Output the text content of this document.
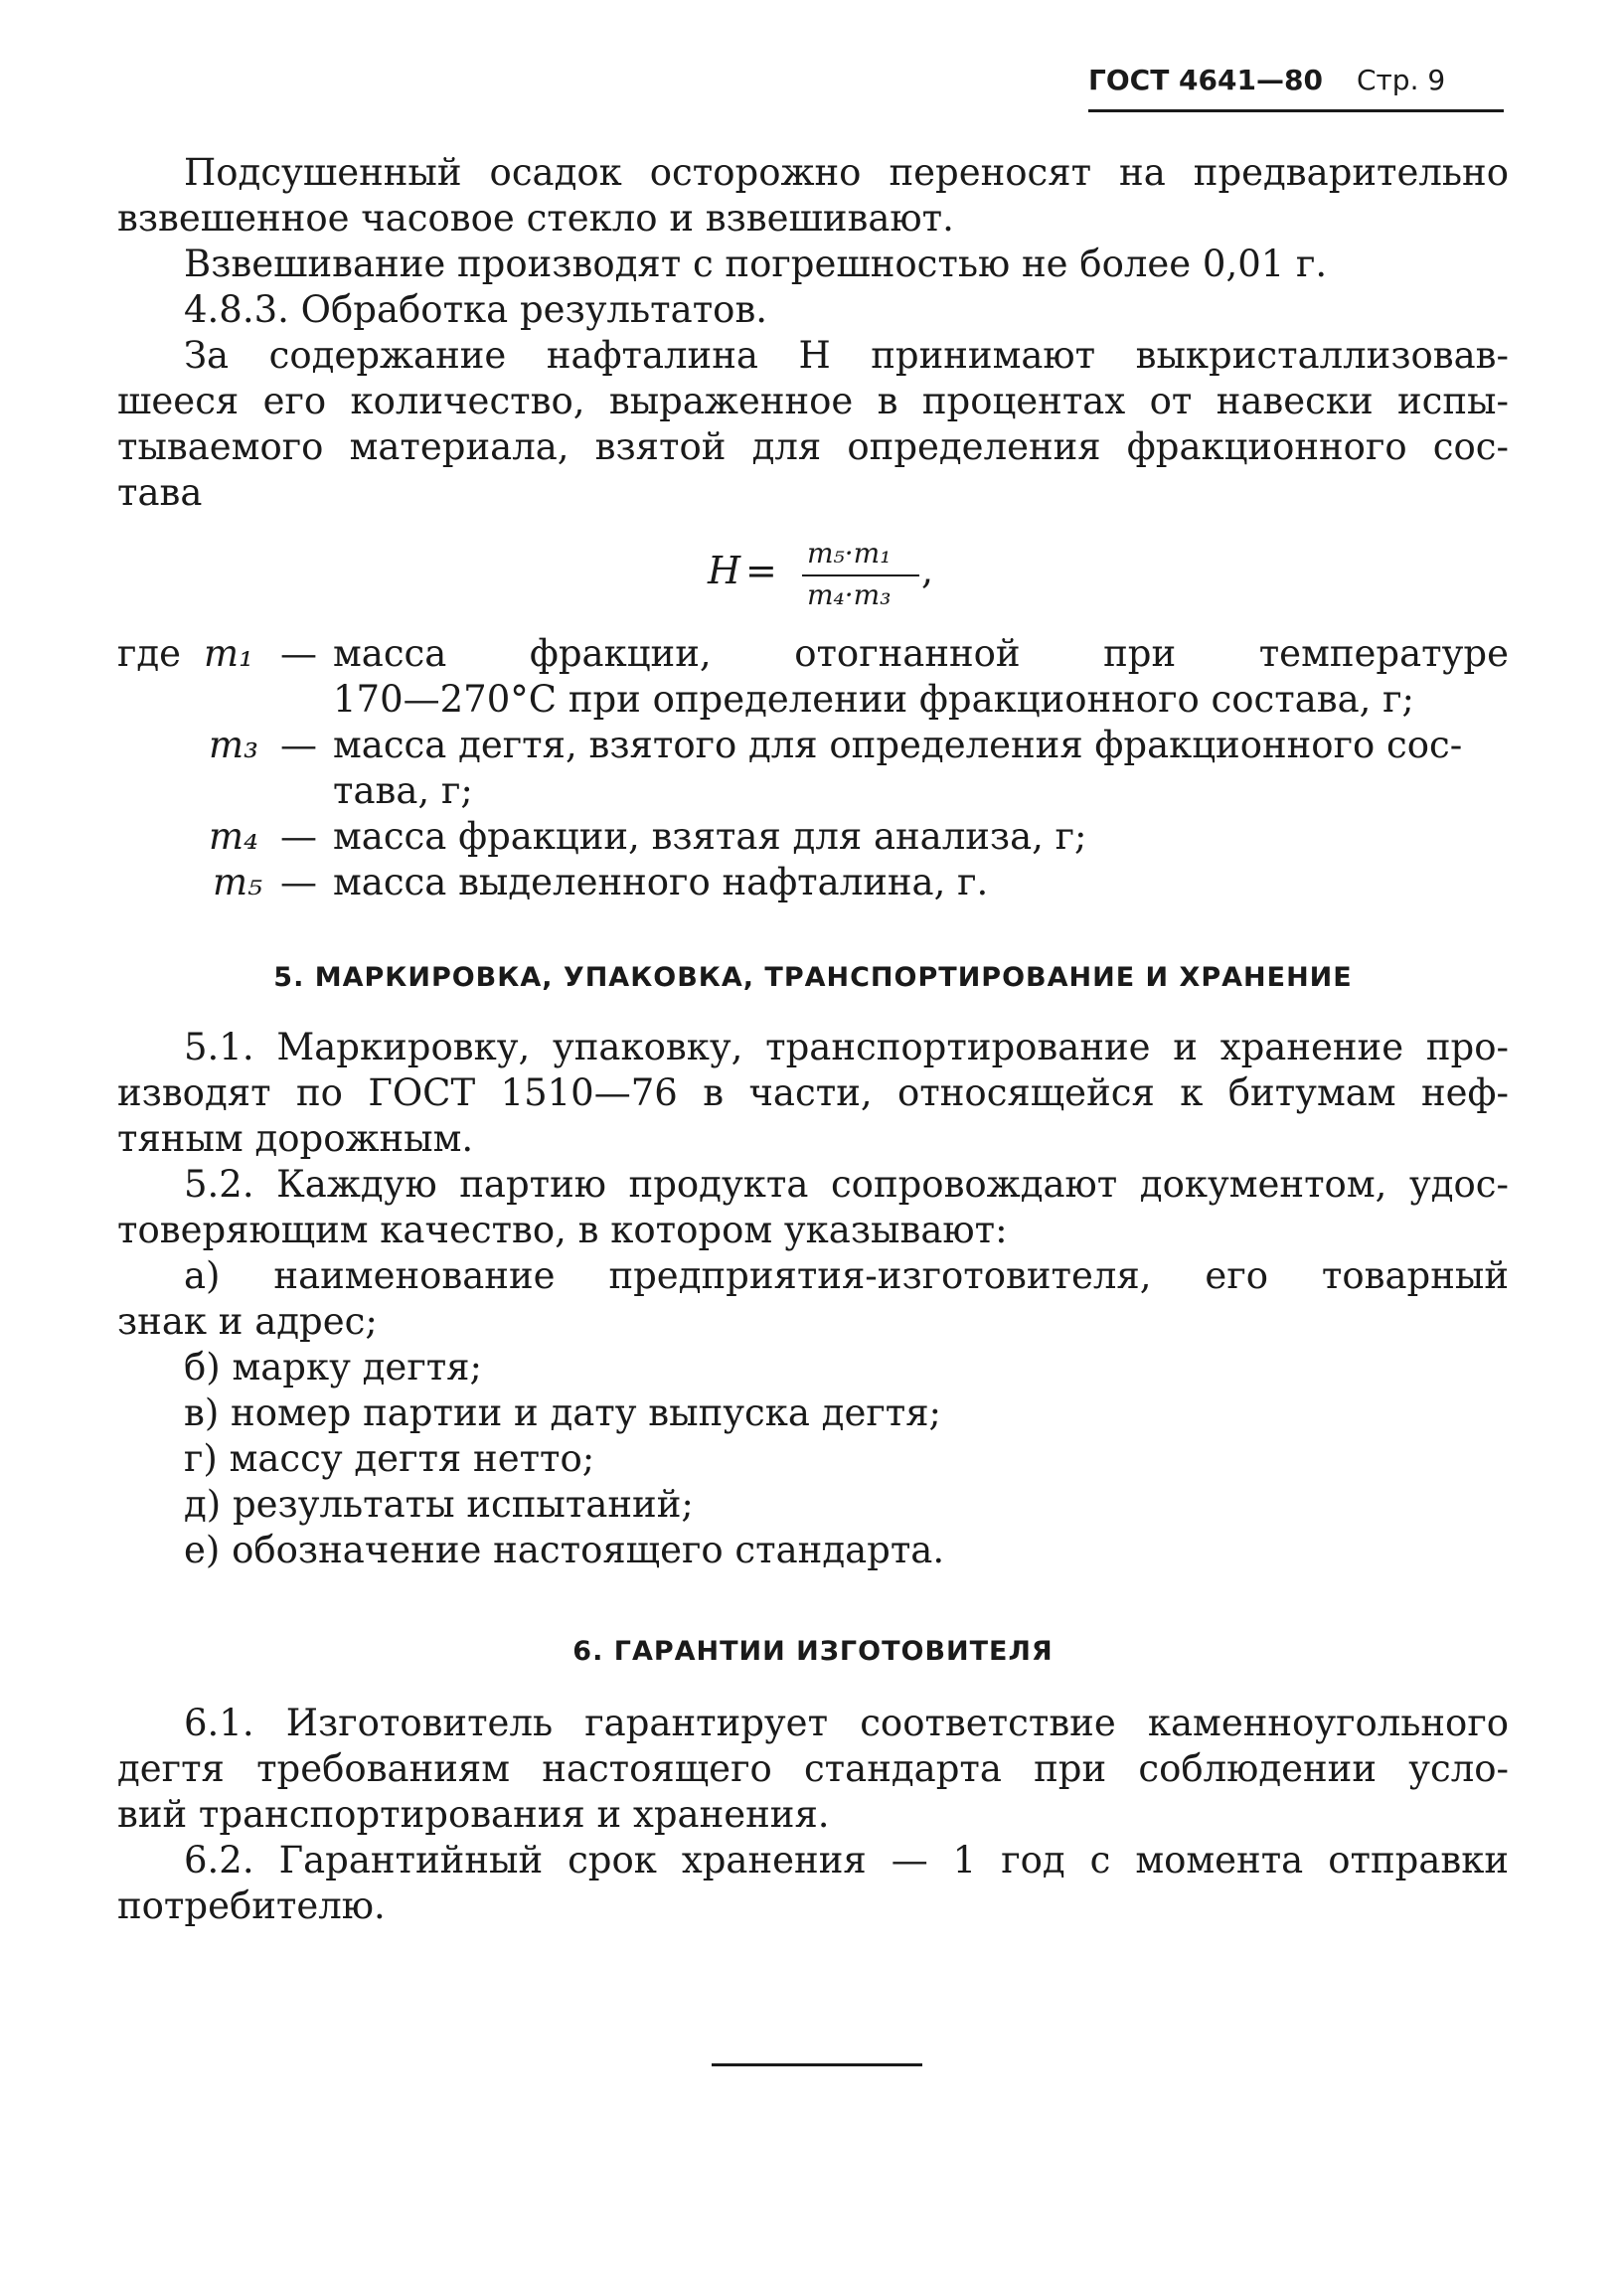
ГОСТ 4641—80 Стр. 9
Подсушенный осадок осторожно переносят на предварительно
взвешенное часовое стекло и взвешивают.
Взвешивание производят с погрешностью не более 0,01 г.
4.8.3. Обработка результатов.
За содержание нафталина Н принимают выкристаллизовав-
шееся его количество, выраженное в процентах от навески испы-
тываемого материала, взятой для определения фракционного сос-
тава
H = m₅·m₁
m₄·m₃
,
где m₁ — масса фракции, отогнанной при температуре
170—270°С при определении фракционного состава, г;
m₃ — масса дегтя, взятого для определения фракционного сос-
тава, г;
m₄ — масса фракции, взятая для анализа, г;
m₅ — масса выделенного нафталина, г.
5. МАРКИРОВКА, УПАКОВКА, ТРАНСПОРТИРОВАНИЕ И ХРАНЕНИЕ
5.1. Маркировку, упаковку, транспортирование и хранение про-
изводят по ГОСТ 1510—76 в части, относящейся к битумам неф-
тяным дорожным.
5.2. Каждую партию продукта сопровождают документом, удос-
товеряющим качество, в котором указывают:
а) наименование предприятия-изготовителя, его товарный
знак и адрес;
б) марку дегтя;
в) номер партии и дату выпуска дегтя;
г) массу дегтя нетто;
д) результаты испытаний;
е) обозначение настоящего стандарта.
6. ГАРАНТИИ ИЗГОТОВИТЕЛЯ
6.1. Изготовитель гарантирует соответствие каменноугольного
дегтя требованиям настоящего стандарта при соблюдении усло-
вий транспортирования и хранения.
6.2. Гарантийный срок хранения — 1 год с момента отправки
потребителю.
